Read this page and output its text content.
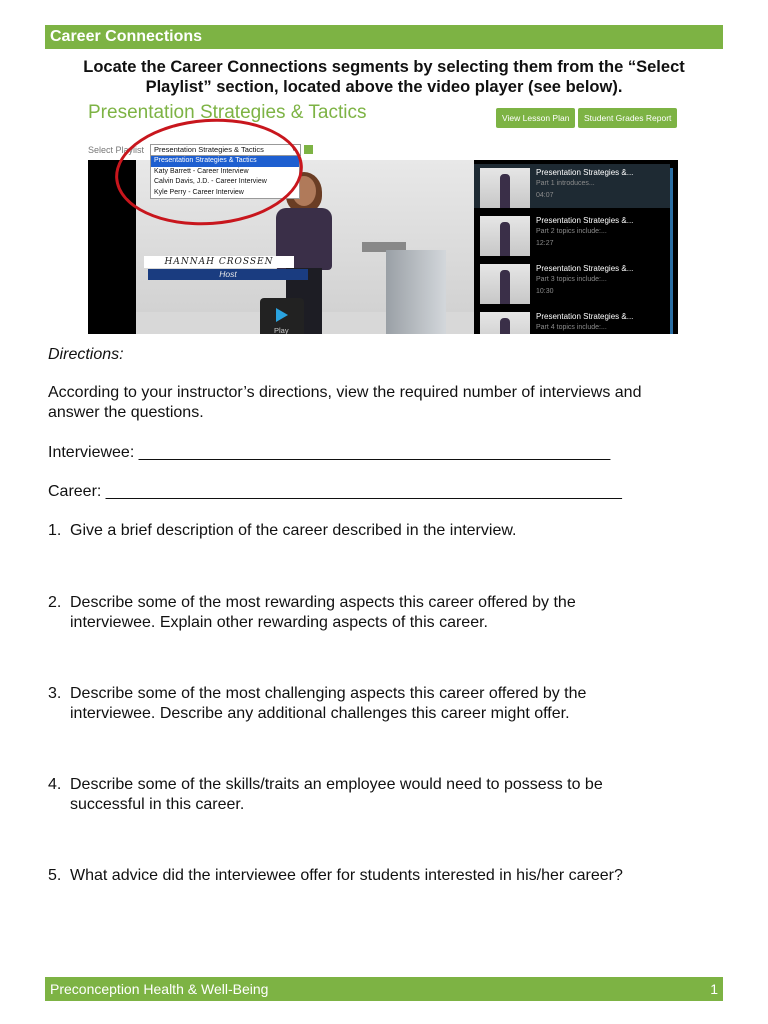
Career Connections
Locate the Career Connections segments by selecting them from the “Select
Playlist” section, located above the video player (see below).
Presentation Strategies & Tactics	View Lesson Plan	Student Grades Report
Select Playlist	Presentation Strategies & Tactics	▼
HANNAH CROSSEN
Host
Play
Presentation Strategies &...
Part 1 introduces...
04:07
Presentation Strategies &...
Part 2 topics include:...
12:27
Presentation Strategies &...
Part 3 topics include:...
10:30
Presentation Strategies &...
Part 4 topics include:...
Presentation Strategies & Tactics
Katy Barrett - Career Interview
Calvin Davis, J.D. - Career Interview
Kyle Perry - Career Interview
Directions:
According to your instructor’s directions, view the required number of interviews and
answer the questions.
Interviewee: _____________________________________________________
Career: __________________________________________________________
1. Give a brief description of the career described in the interview.
2. Describe some of the most rewarding aspects this career offered by the
interviewee. Explain other rewarding aspects of this career.
3. Describe some of the most challenging aspects this career offered by the
interviewee. Describe any additional challenges this career might offer.
4. Describe some of the skills/traits an employee would need to possess to be
successful in this career.
5. What advice did the interviewee offer for students interested in his/her career?
Preconception Health & Well-Being	1
